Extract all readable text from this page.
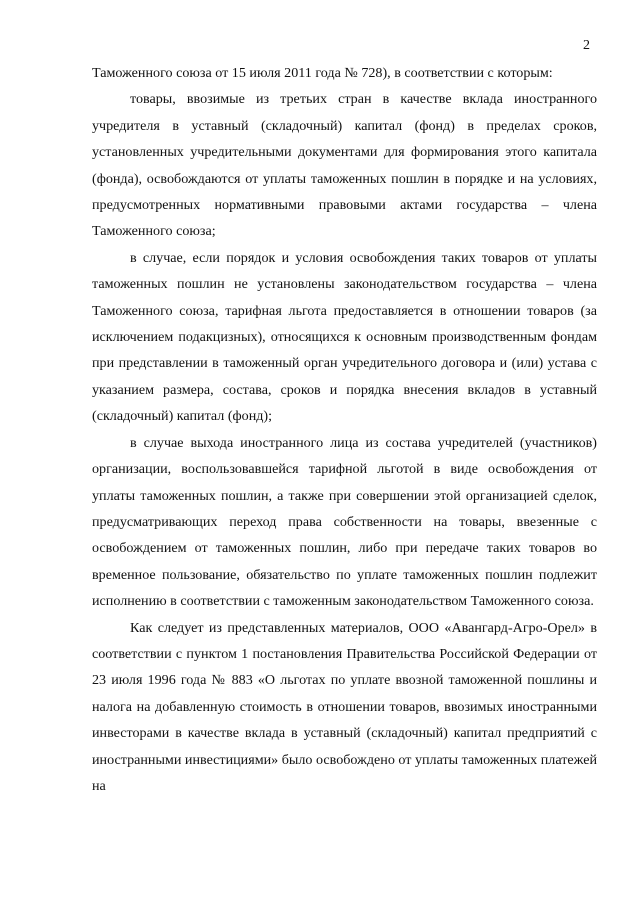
2

Таможенного союза от 15 июля 2011 года № 728), в соответствии с которым:

товары, ввозимые из третьих стран в качестве вклада иностранного учредителя в уставный (складочный) капитал (фонд) в пределах сроков, установленных учредительными документами для формирования этого капитала (фонда), освобождаются от уплаты таможенных пошлин в порядке и на условиях, предусмотренных нормативными правовыми актами государства – члена Таможенного союза;

в случае, если порядок и условия освобождения таких товаров от уплаты таможенных пошлин не установлены законодательством государства – члена Таможенного союза, тарифная льгота предоставляется в отношении товаров (за исключением подакцизных), относящихся к основным производственным фондам при представлении в таможенный орган учредительного договора и (или) устава с указанием размера, состава, сроков и порядка внесения вкладов в уставный (складочный) капитал (фонд);

в случае выхода иностранного лица из состава учредителей (участников) организации, воспользовавшейся тарифной льготой в виде освобождения от уплаты таможенных пошлин, а также при совершении этой организацией сделок, предусматривающих переход права собственности на товары, ввезенные с освобождением от таможенных пошлин, либо при передаче таких товаров во временное пользование, обязательство по уплате таможенных пошлин подлежит исполнению в соответствии с таможенным законодательством Таможенного союза.

Как следует из представленных материалов, ООО «Авангард-Агро-Орел» в соответствии с пунктом 1 постановления Правительства Российской Федерации от 23 июля 1996 года № 883 «О льготах по уплате ввозной таможенной пошлины и налога на добавленную стоимость в отношении товаров, ввозимых иностранными инвесторами в качестве вклада в уставный (складочный) капитал предприятий с иностранными инвестициями» было освобождено от уплаты таможенных платежей на
